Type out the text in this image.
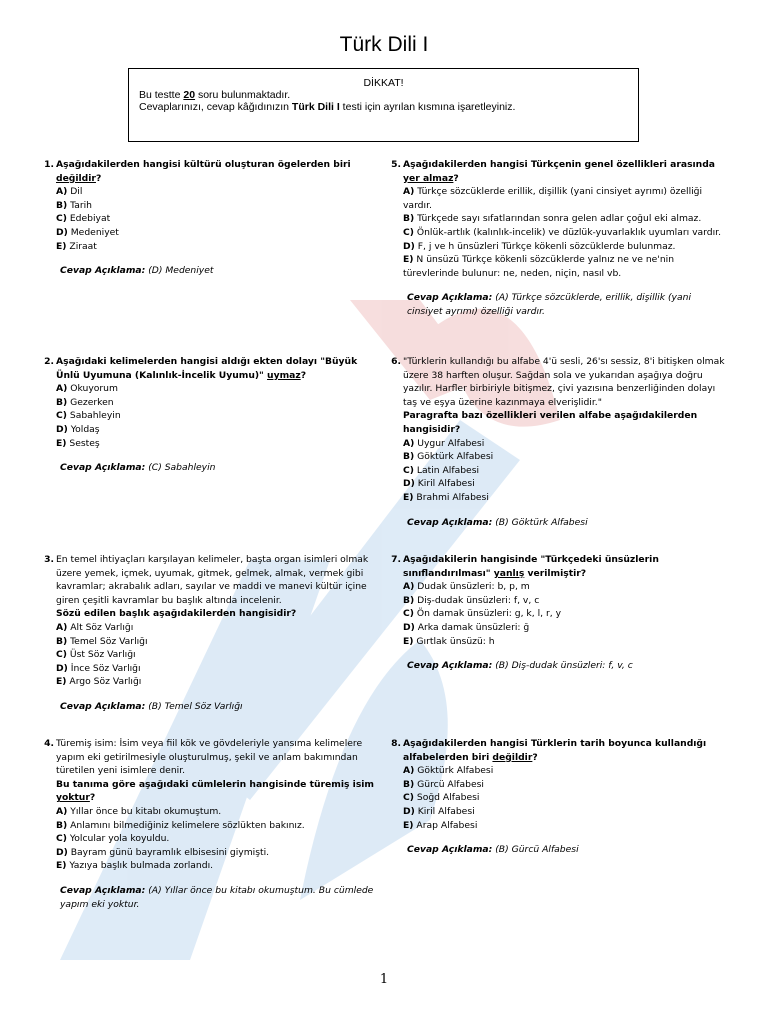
Türk Dili I
DİKKAT!
Bu testte 20 soru bulunmaktadır.
Cevaplarınızı, cevap kâğıdınızın Türk Dili I testi için ayrılan kısmına işaretleyiniz.
1. Aşağıdakilerden hangisi kültürü oluşturan ögelerden biri değildir?
A) Dil
B) Tarih
C) Edebiyat
D) Medeniyet
E) Ziraat
Cevap Açıklama: (D) Medeniyet
2. Aşağıdaki kelimelerden hangisi aldığı ekten dolayı "Büyük Ünlü Uyumuna (Kalınlık-İncelik Uyumu)" uymaz?
A) Okuyorum
B) Gezerken
C) Sabahleyin
D) Yoldaş
E) Sesteş
Cevap Açıklama: (C) Sabahleyin
3. En temel ihtiyaçları karşılayan kelimeler, başta organ isimleri olmak üzere yemek, içmek, uyumak, gitmek, gelmek, almak, vermek gibi kavramlar; akrabalık adları, sayılar ve maddi ve manevi kültür içine giren çeşitli kavramlar bu başlık altında incelenir.
Sözü edilen başlık aşağıdakilerden hangisidir?
A) Alt Söz Varlığı
B) Temel Söz Varlığı
C) Üst Söz Varlığı
D) İnce Söz Varlığı
E) Argo Söz Varlığı
Cevap Açıklama: (B) Temel Söz Varlığı
4. Türemiş isim: İsim veya fiil kök ve gövdeleriyle yansıma kelimelere yapım eki getirilmesiyle oluşturulmuş, şekil ve anlam bakımından türetilen yeni isimlere denir.
Bu tanıma göre aşağıdaki cümlelerin hangisinde türemiş isim yoktur?
A) Yıllar önce bu kitabı okumuştum.
B) Anlamını bilmediğiniz kelimelere sözlükten bakınız.
C) Yolcular yola koyuldu.
D) Bayram günü bayramlık elbisesini giymişti.
E) Yazıya başlık bulmada zorlandı.
Cevap Açıklama: (A) Yıllar önce bu kitabı okumuştum. Bu cümlede yapım eki yoktur.
5. Aşağıdakilerden hangisi Türkçenin genel özellikleri arasında yer almaz?
A) Türkçe sözcüklerde erillik, dişillik (yani cinsiyet ayrımı) özelliği vardır.
B) Türkçede sayı sıfatlarından sonra gelen adlar çoğul eki almaz.
C) Önlük-artlık (kalınlık-incelik) ve düzlük-yuvarlaklık uyumları vardır.
D) F, j ve h ünsüzleri Türkçe kökenli sözcüklerde bulunmaz.
E) N ünsüzü Türkçe kökenli sözcüklerde yalnız ne ve ne'nin türevlerinde bulunur: ne, neden, niçin, nasıl vb.
Cevap Açıklama: (A) Türkçe sözcüklerde, erillik, dişillik (yani cinsiyet ayrımı) özelliği vardır.
6. "Türklerin kullandığı bu alfabe 4'ü sesli, 26'sı sessiz, 8'i bitişken olmak üzere 38 harften oluşur. Sağdan sola ve yukarıdan aşağıya doğru yazılır. Harfler birbiriyle bitişmez, çivi yazısına benzerliğinden dolayı taş ve eşya üzerine kazınmaya elverişlidir."
Paragrafta bazı özellikleri verilen alfabe aşağıdakilerden hangisidir?
A) Uygur Alfabesi
B) Göktürk Alfabesi
C) Latin Alfabesi
D) Kiril Alfabesi
E) Brahmi Alfabesi
Cevap Açıklama: (B) Göktürk Alfabesi
7. Aşağıdakilerin hangisinde "Türkçedeki ünsüzlerin sınıflandırılması" yanlış verilmiştir?
A) Dudak ünsüzleri: b, p, m
B) Diş-dudak ünsüzleri: f, v, c
C) Ön damak ünsüzleri: g, k, l, r, y
D) Arka damak ünsüzleri: ğ
E) Gırtlak ünsüzü: h
Cevap Açıklama: (B) Diş-dudak ünsüzleri: f, v, c
8. Aşağıdakilerden hangisi Türklerin tarih boyunca kullandığı alfabelerden biri değildir?
A) Göktürk Alfabesi
B) Gürcü Alfabesi
C) Soğd Alfabesi
D) Kiril Alfabesi
E) Arap Alfabesi
Cevap Açıklama: (B) Gürcü Alfabesi
1
